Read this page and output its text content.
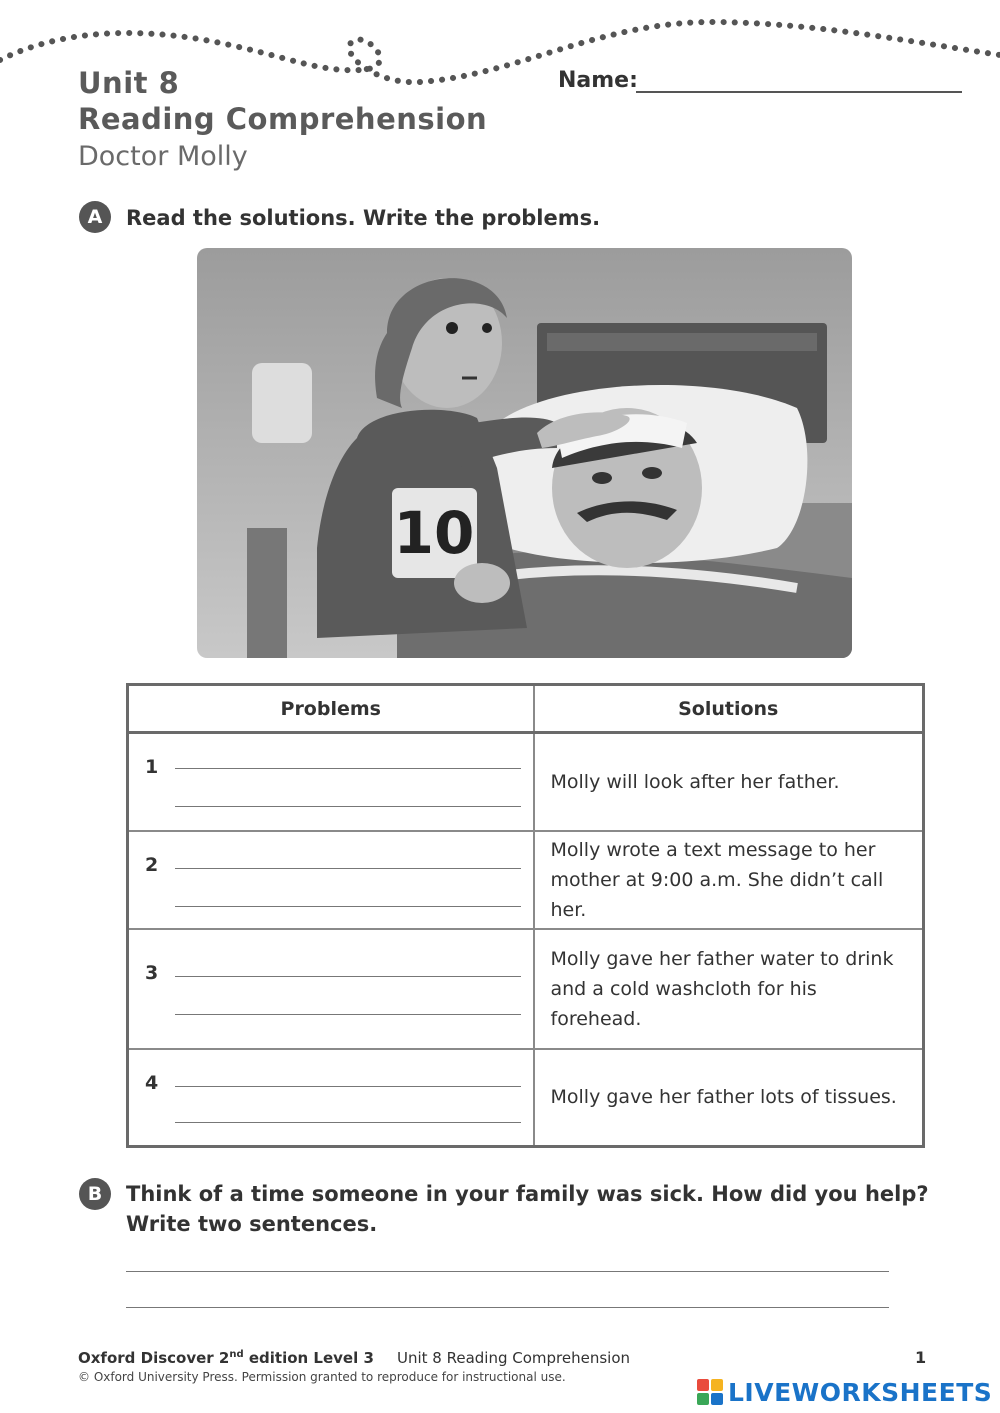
Unit 8
Reading Comprehension
Doctor Molly
Name:
A	Read the solutions. Write the problems.
10
Problems	Solutions

1	Molly will look after her father.

2	Molly wrote a text message to her mother at 9:00 a.m. She didn’t call her.

3	Molly gave her father water to drink and a cold washcloth for his forehead.

4	Molly gave her father lots of tissues.
B	Think of a time someone in your family was sick. How did you help?
Write two sentences.
Oxford Discover 2nd edition Level 3 Unit 8 Reading Comprehension
© Oxford University Press. Permission granted to reproduce for instructional use.
1
LIVEWORKSHEETS
